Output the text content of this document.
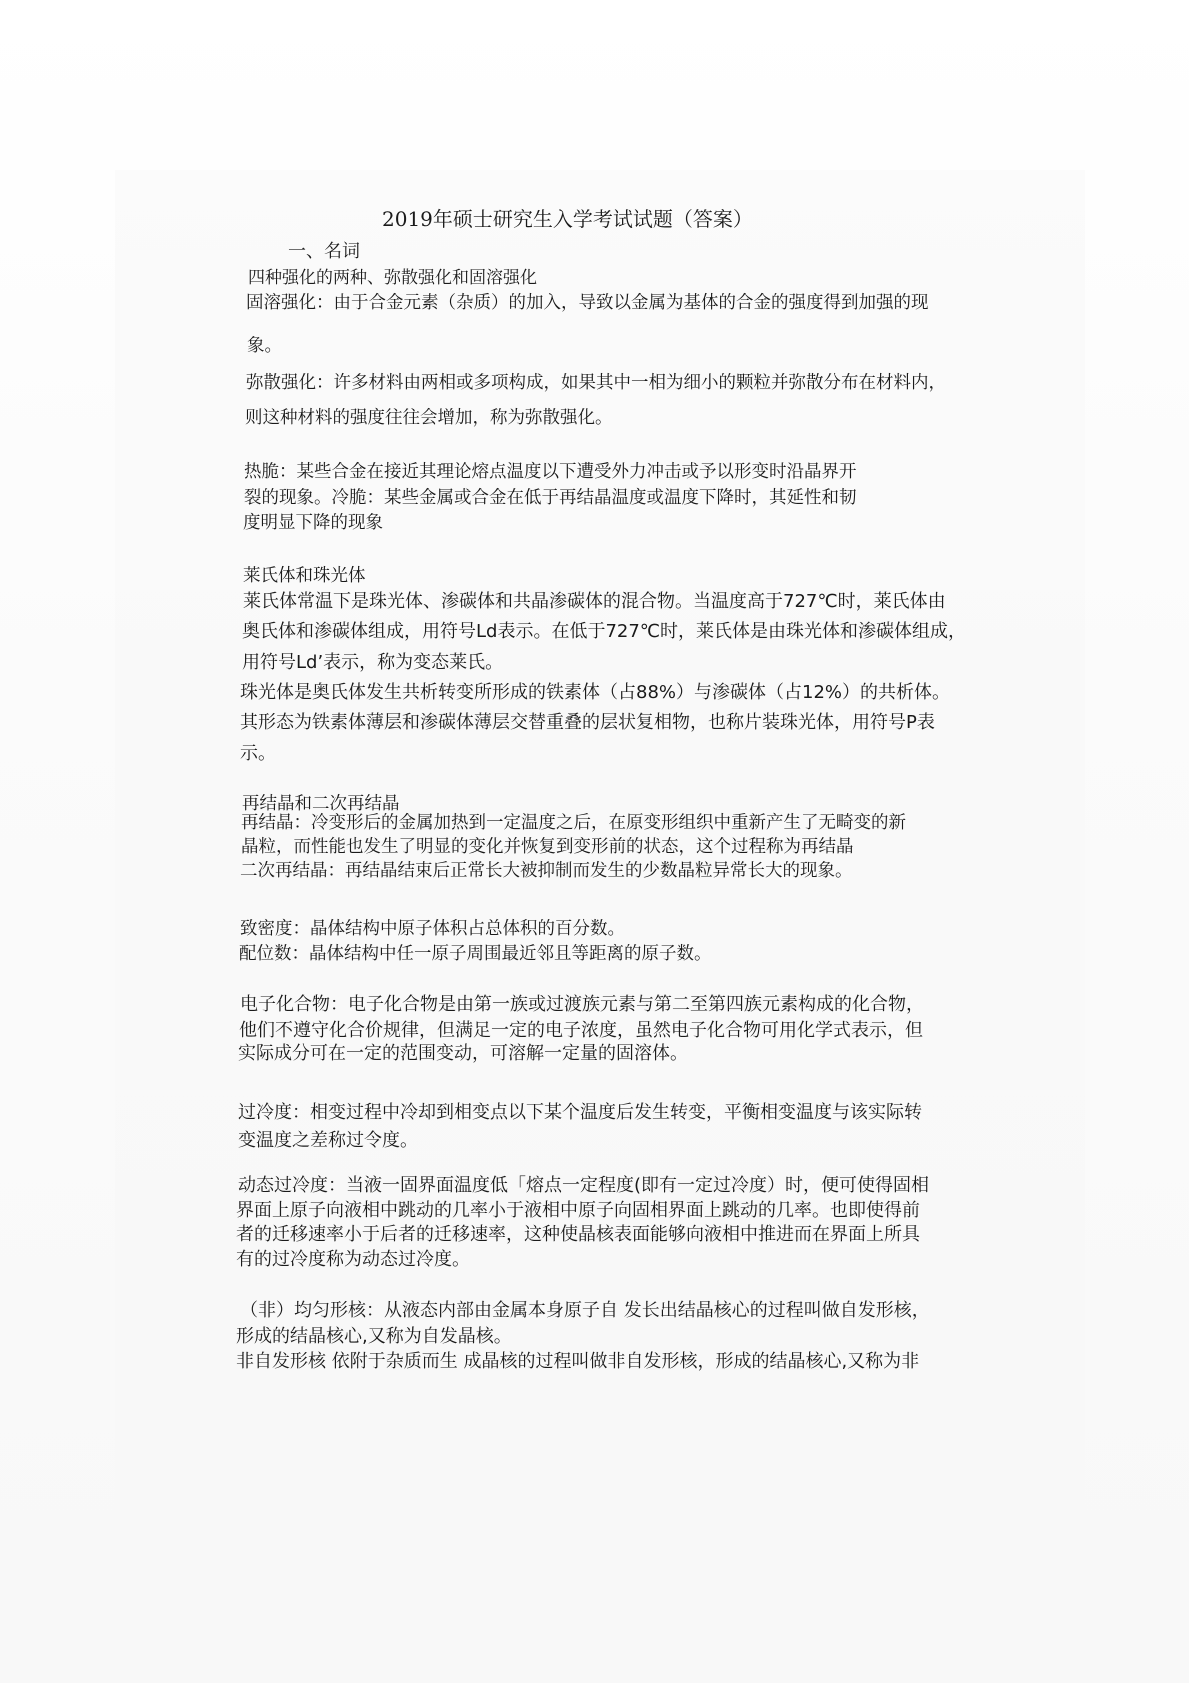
2019年硕士研究生入学考试试题（答案）
一、名词
四种强化的两种、弥散强化和固溶强化
固溶强化：由于合金元素（杂质）的加入，导致以金属为基体的合金的强度得到加强的现
象。
弥散强化：许多材料由两相或多项构成，如果其中一相为细小的颗粒并弥散分布在材料内，
则这种材料的强度往往会增加，称为弥散强化。
热脆：某些合金在接近其理论熔点温度以下遭受外力冲击或予以形变时沿晶界开
裂的现象。冷脆：某些金属或合金在低于再结晶温度或温度下降时，其延性和韧
度明显下降的现象
莱氏体和珠光体
莱氏体常温下是珠光体、渗碳体和共晶渗碳体的混合物。当温度高于727℃时，莱氏体由
奥氏体和渗碳体组成，用符号Ld表示。在低于727℃时，莱氏体是由珠光体和渗碳体组成，
用符号Ld’表示，称为变态莱氏。
珠光体是奥氏体发生共析转变所形成的铁素体（占88%）与渗碳体（占12%）的共析体。
其形态为铁素体薄层和渗碳体薄层交替重叠的层状复相物，也称片装珠光体，用符号P表
示。
再结晶和二次再结晶
再结晶：冷变形后的金属加热到一定温度之后，在原变形组织中重新产生了无畸变的新
晶粒，而性能也发生了明显的变化并恢复到变形前的状态，这个过程称为再结晶
二次再结晶：再结晶结束后正常长大被抑制而发生的少数晶粒异常长大的现象。
致密度：晶体结构中原子体积占总体积的百分数。
配位数：晶体结构中任一原子周围最近邻且等距离的原子数。
电子化合物：电子化合物是由第一族或过渡族元素与第二至第四族元素构成的化合物，
他们不遵守化合价规律，但满足一定的电子浓度，虽然电子化合物可用化学式表示，但
实际成分可在一定的范围变动，可溶解一定量的固溶体。
过冷度：相变过程中冷却到相变点以下某个温度后发生转变，平衡相变温度与该实际转
变温度之差称过令度。
动态过冷度：当液一固界面温度低「熔点一定程度(即有一定过冷度）时，便可使得固相
界面上原子向液相中跳动的几率小于液相中原子向固相界面上跳动的几率。也即使得前
者的迁移速率小于后者的迁移速率，这种使晶核表面能够向液相中推进而在界面上所具
有的过冷度称为动态过冷度。
（非）均匀形核：从液态内部由金属本身原子自 发长出结晶核心的过程叫做自发形核，
形成的结晶核心,又称为自发晶核。
非自发形核 依附于杂质而生 成晶核的过程叫做非自发形核，形成的结晶核心,又称为非
